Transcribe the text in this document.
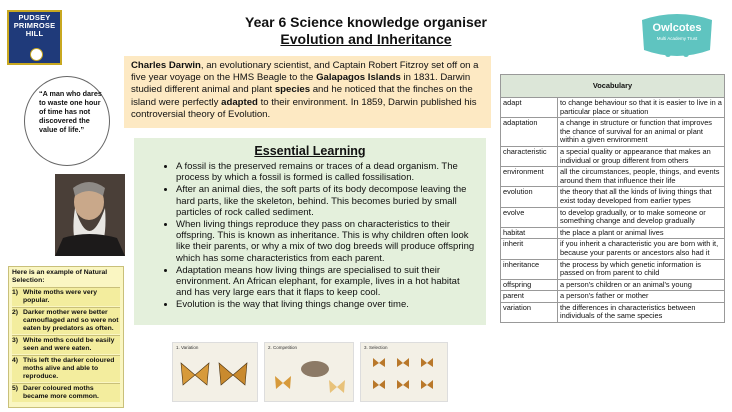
PUDSEY
PRIMROSE
HILL
Year 6 Science knowledge organiser
Evolution and Inheritance
Owlcotes
Multi Academy Trust
Charles Darwin, an evolutionary scientist, and Captain Robert Fitzroy set off on a five year voyage on the HMS Beagle to the Galapagos Islands in 1831. Darwin studied different animal and plant species and he noticed that the finches on the island were perfectly adapted to their environment. In 1859, Darwin published his controversial theory of Evolution.
“A man who dares to waste one hour of time has not discovered the value of life.”
Essential Learning
• A fossil is the preserved remains or traces of a dead organism. The process by which a fossil is formed is called fossilisation.
• After an animal dies, the soft parts of its body decompose leaving the hard parts, like the skeleton, behind. This becomes buried by small particles of rock called sediment.
• When living things reproduce they pass on characteristics to their offspring. This is known as inheritance. This is why children often look like their parents, or why a mix of two dog breeds will produce offspring which has some characteristics from each parent.
• Adaptation means how living things are specialised to suit their environment. An African elephant, for example, lives in a hot habitat and has very large ears that it flaps to keep cool.
• Evolution is the way that living things change over time.
Here is an example of Natural Selection:
1) White moths were very popular.
2) Darker mother were better camouflaged and so were not eaten by predators as often.
3) White moths could be easily seen and were eaten.
4) This left the darker coloured moths alive and able to reproduce.
5) Darer coloured moths became more common.
1. Variation	2. Competition	3. Selection
Vocabulary	
adapt	to change behaviour so that it is easier to live in a particular place or situation
adaptation	a change in structure or function that improves the chance of survival for an animal or plant within a given environment
characteristic	a special quality or appearance that makes an individual or group different from others
environment	all the circumstances, people, things, and events around them that influence their life
evolution	the theory that all the kinds of living things that exist today developed from earlier types
evolve	to develop gradually, or to make someone or something change and develop gradually
habitat	the place a plant or animal lives
inherit	if you inherit a characteristic you are born with it, because your parents or ancestors also had it
inheritance	the process by which genetic information is passed on from parent to child
offspring	a person's children or an animal's young
parent	a person's father or mother
variation	the differences in characteristics between individuals of the same species
